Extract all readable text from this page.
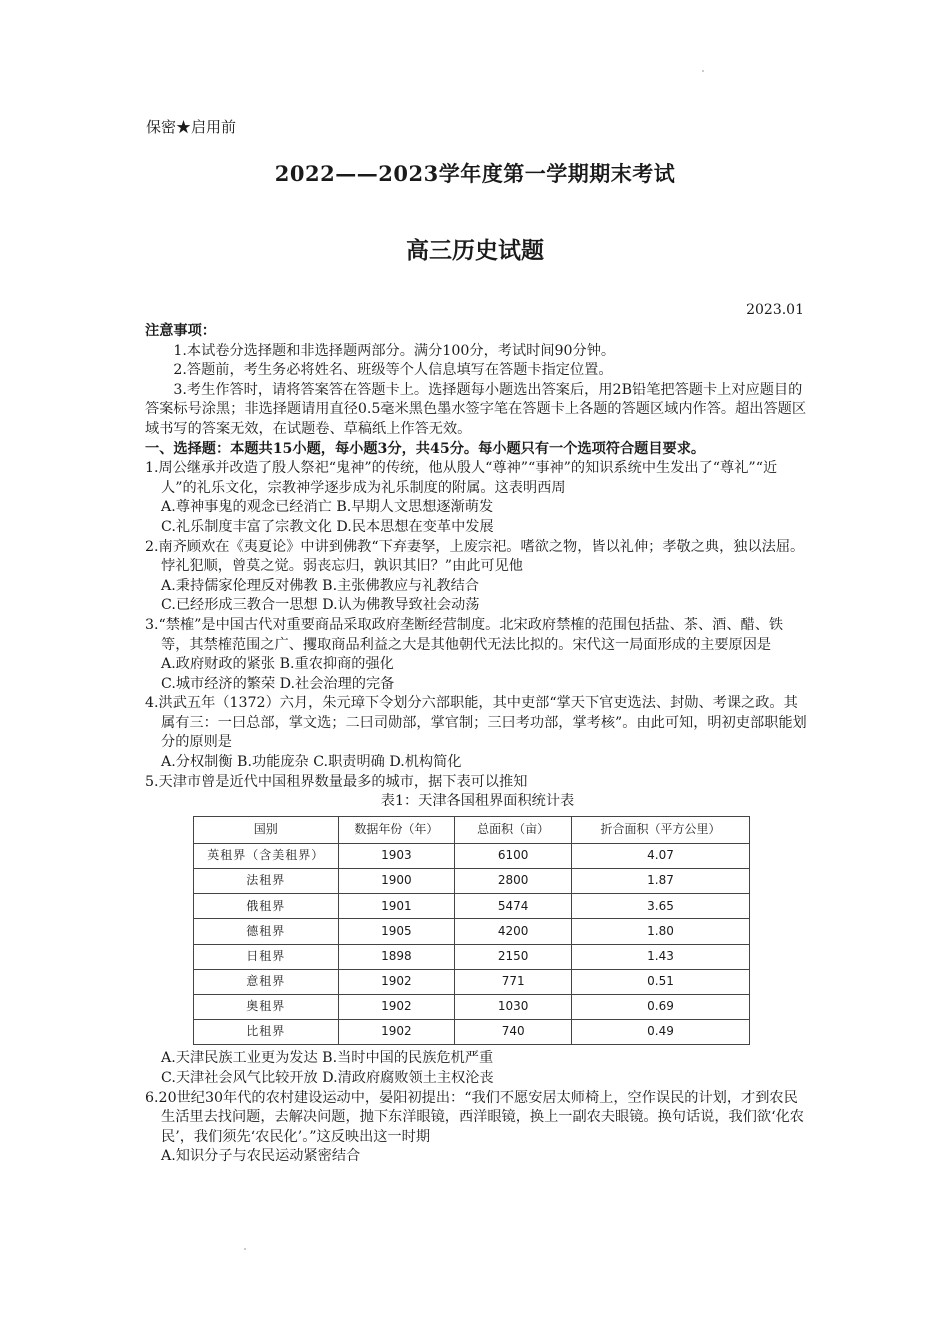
保密★启用前
2022——2023学年度第一学期期末考试
高三历史试题
2023.01

注意事项：

1.本试卷分选择题和非选择题两部分。满分100分，考试时间90分钟。

2.答题前，考生务必将姓名、班级等个人信息填写在答题卡指定位置。

3.考生作答时，请将答案答在答题卡上。选择题每小题选出答案后，用2B铅笔把答题卡上对应题目的答案标号涂黑；非选择题请用直径0.5毫米黑色墨水签字笔在答题卡上各题的答题区域内作答。超出答题区域书写的答案无效，在试题卷、草稿纸上作答无效。

一、选择题：本题共15小题，每小题3分，共45分。每小题只有一个选项符合题目要求。

1.周公继承并改造了殷人祭祀“鬼神”的传统，他从殷人“尊神”“事神”的知识系统中生发出了“尊礼”“近人”的礼乐文化，宗教神学逐步成为礼乐制度的附属。这表明西周

A.尊神事鬼的观念已经消亡 B.早期人文思想逐渐萌发

C.礼乐制度丰富了宗教文化 D.民本思想在变革中发展

2.南齐顾欢在《夷夏论》中讲到佛教“下弃妻孥，上废宗祀。嗜欲之物，皆以礼伸；孝敬之典，独以法屈。悖礼犯顺，曾莫之觉。弱丧忘归，孰识其旧？”由此可见他

A.秉持儒家伦理反对佛教 B.主张佛教应与礼教结合

C.已经形成三教合一思想 D.认为佛教导致社会动荡

3.“禁榷”是中国古代对重要商品采取政府垄断经营制度。北宋政府禁榷的范围包括盐、茶、酒、醋、铁等，其禁榷范围之广、攫取商品利益之大是其他朝代无法比拟的。宋代这一局面形成的主要原因是

A.政府财政的紧张 B.重农抑商的强化

C.城市经济的繁荣 D.社会治理的完备

4.洪武五年（1372）六月，朱元璋下令划分六部职能，其中吏部“掌天下官吏选法、封勋、考课之政。其属有三：一曰总部，掌文选；二曰司勋部，掌官制；三曰考功部，掌考核”。由此可知，明初吏部职能划分的原则是

A.分权制衡 B.功能庞杂 C.职责明确 D.机构简化

5.天津市曾是近代中国租界数量最多的城市，据下表可以推知

表1：天津各国租界面积统计表

国别	数据年份（年）	总面积（亩）	折合面积（平方公里）
英租界（含美租界）	1903	6100	4.07
法租界	1900	2800	1.87
俄租界	1901	5474	3.65
德租界	1905	4200	1.80
日租界	1898	2150	1.43
意租界	1902	771	0.51
奥租界	1902	1030	0.69
比租界	1902	740	0.49

A.天津民族工业更为发达 B.当时中国的民族危机严重

C.天津社会风气比较开放 D.清政府腐败领土主权沦丧

6.20世纪30年代的农村建设运动中，晏阳初提出：“我们不愿安居太师椅上，空作误民的计划，才到农民生活里去找问题，去解决问题，抛下东洋眼镜，西洋眼镜，换上一副农夫眼镜。换句话说，我们欲‘化农民’，我们须先‘农民化’。”这反映出这一时期

A.知识分子与农民运动紧密结合
